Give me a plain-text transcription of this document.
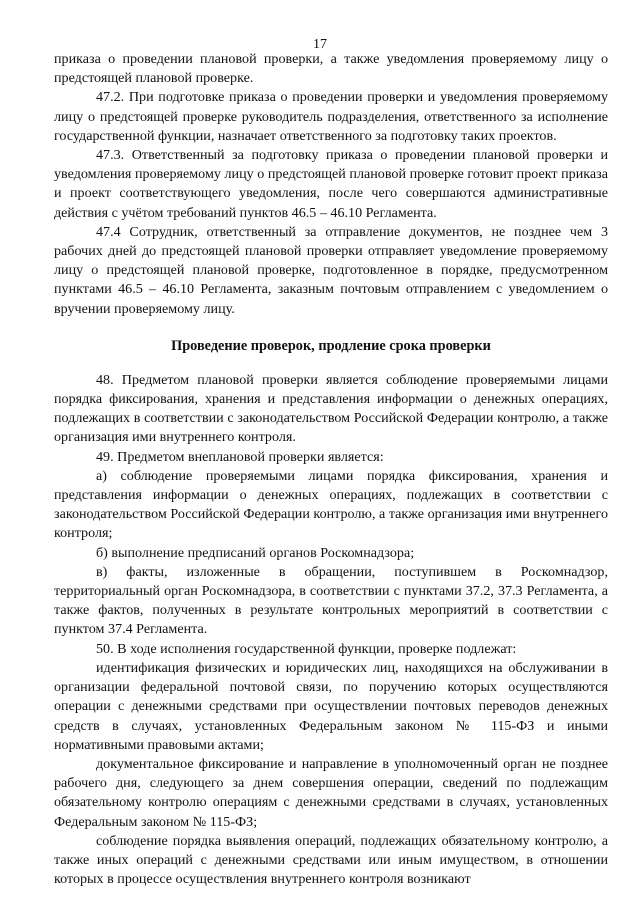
17

приказа о проведении плановой проверки, а также уведомления проверяемому лицу о предстоящей плановой проверке.

47.2. При подготовке приказа о проведении проверки и уведомления проверяемому лицу о предстоящей проверке руководитель подразделения, ответственного за исполнение государственной функции, назначает ответственного за подготовку таких проектов.

47.3. Ответственный за подготовку приказа о проведении плановой проверки и уведомления проверяемому лицу о предстоящей плановой проверке готовит проект приказа и проект соответствующего уведомления, после чего совершаются административные действия с учётом требований пунктов 46.5 – 46.10 Регламента.

47.4 Сотрудник, ответственный за отправление документов, не позднее чем 3 рабочих дней до предстоящей плановой проверки отправляет уведомление проверяемому лицу о предстоящей плановой проверке, подготовленное в порядке, предусмотренном пунктами 46.5 – 46.10 Регламента, заказным почтовым отправлением с уведомлением о вручении проверяемому лицу.

Проведение проверок, продление срока проверки

48. Предметом плановой проверки является соблюдение проверяемыми лицами порядка фиксирования, хранения и представления информации о денежных операциях, подлежащих в соответствии с законодательством Российской Федерации контролю, а также организация ими внутреннего контроля.

49. Предметом внеплановой проверки является:

а) соблюдение проверяемыми лицами порядка фиксирования, хранения и представления информации о денежных операциях, подлежащих в соответствии с законодательством Российской Федерации контролю, а также организация ими внутреннего контроля;

б) выполнение предписаний органов Роскомнадзора;

в) факты, изложенные в обращении, поступившем в Роскомнадзор, территориальный орган Роскомнадзора, в соответствии с пунктами 37.2, 37.3 Регламента, а также фактов, полученных в результате контрольных мероприятий в соответствии с пунктом 37.4 Регламента.

50. В ходе исполнения государственной функции, проверке подлежат:

идентификация физических и юридических лиц, находящихся на обслуживании в организации федеральной почтовой связи, по поручению которых осуществляются операции с денежными средствами при осуществлении почтовых переводов денежных средств в случаях, установленных Федеральным законом № 115-ФЗ и иными нормативными правовыми актами;

документальное фиксирование и направление в уполномоченный орган не позднее рабочего дня, следующего за днем совершения операции, сведений по подлежащим обязательному контролю операциям с денежными средствами в случаях, установленных Федеральным законом № 115-ФЗ;

соблюдение порядка выявления операций, подлежащих обязательному контролю, а также иных операций с денежными средствами или иным имуществом, в отношении которых в процессе осуществления внутреннего контроля возникают
